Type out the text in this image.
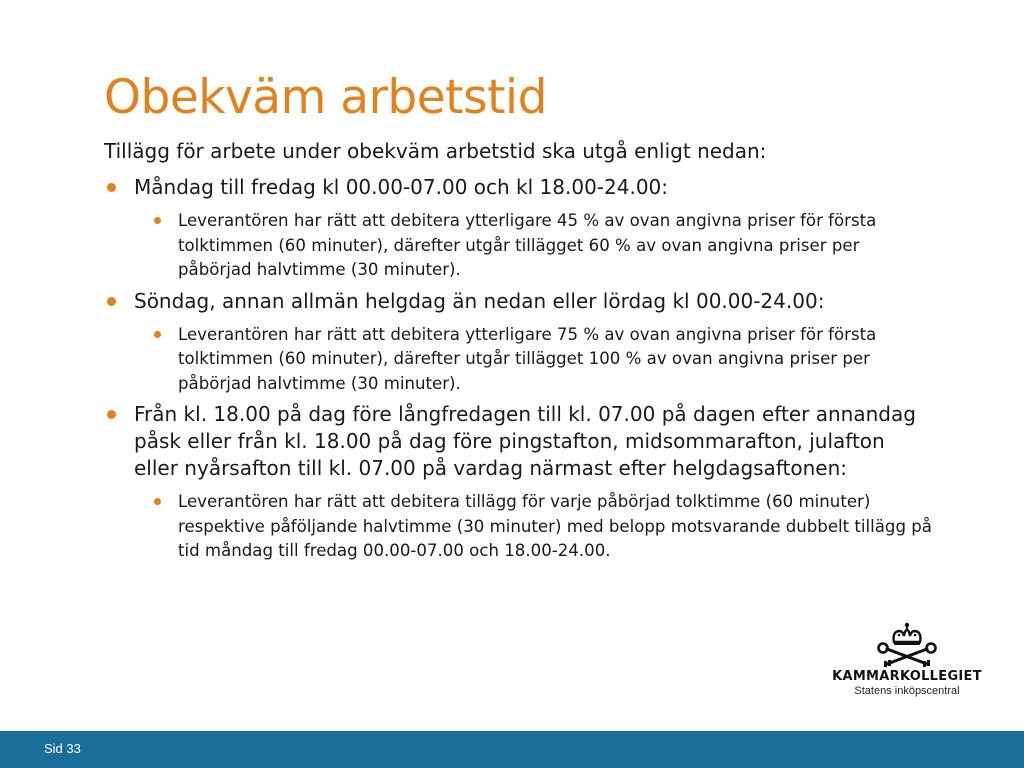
Obekväm arbetstid

Tillägg för arbete under obekväm arbetstid ska utgå enligt nedan:

Måndag till fredag kl 00.00-07.00 och kl 18.00-24.00:
Leverantören har rätt att debitera ytterligare 45 % av ovan angivna priser för första tolktimmen (60 minuter), därefter utgår tillägget 60 % av ovan angivna priser per påbörjad halvtimme (30 minuter).
Söndag, annan allmän helgdag än nedan eller lördag kl 00.00-24.00:
Leverantören har rätt att debitera ytterligare 75 % av ovan angivna priser för första tolktimmen (60 minuter), därefter utgår tillägget 100 % av ovan angivna priser per påbörjad halvtimme (30 minuter).
Från kl. 18.00 på dag före långfredagen till kl. 07.00 på dagen efter annandag påsk eller från kl. 18.00 på dag före pingstafton, midsommarafton, julafton eller nyårsafton till kl. 07.00 på vardag närmast efter helgdagsaftonen:
Leverantören har rätt att debitera tillägg för varje påbörjad tolktimme (60 minuter) respektive påföljande halvtimme (30 minuter) med belopp motsvarande dubbelt tillägg på tid måndag till fredag 00.00-07.00 och 18.00-24.00.
KAMMARKOLLEGIET
Statens inköpscentral
Sid 33
